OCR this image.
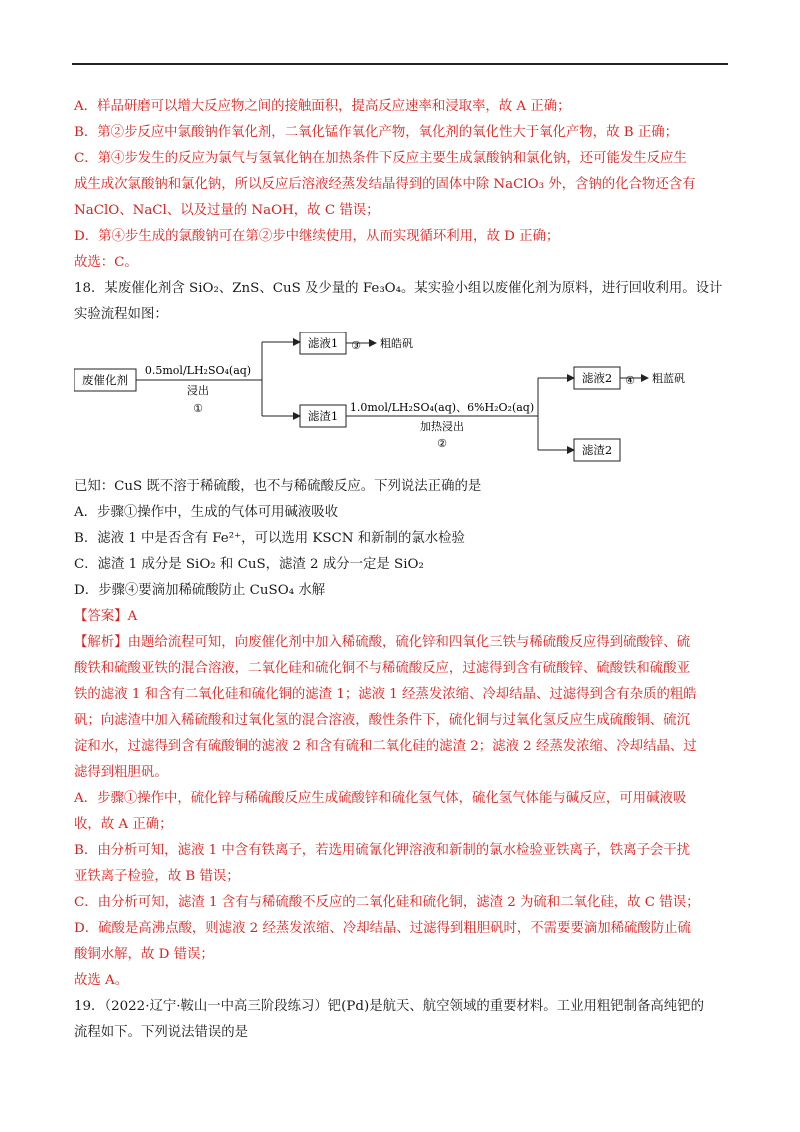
A．样品研磨可以增大反应物之间的接触面积，提高反应速率和浸取率，故 A 正确；

B．第②步反应中氯酸钠作氧化剂，二氧化锰作氧化产物，氧化剂的氧化性大于氧化产物，故 B 正确；

C．第④步发生的反应为氯气与氢氧化钠在加热条件下反应主要生成氯酸钠和氯化钠，还可能发生反应生

成生成次氯酸钠和氯化钠，所以反应后溶液经蒸发结晶得到的固体中除 NaClO₃ 外，含钠的化合物还含有

NaClO、NaCl、以及过量的 NaOH，故 C 错误；

D．第④步生成的氯酸钠可在第②步中继续使用，从而实现循环利用，故 D 正确；

故选：C。

18．某废催化剂含 SiO₂、ZnS、CuS 及少量的 Fe₃O₄。某实验小组以废催化剂为原料，进行回收利用。设计

实验流程如图：

废催化剂
0.5mol/LH₂SO₄(aq)
浸出
①
滤液1 ③ 粗皓矾
滤渣1
1.0mol/LH₂SO₄(aq)、6%H₂O₂(aq)
加热浸出
②
滤液2 ④ 粗蓝矾
滤渣2

已知：CuS 既不溶于稀硫酸，也不与稀硫酸反应。下列说法正确的是

A．步骤①操作中，生成的气体可用碱液吸收

B．滤液 1 中是否含有 Fe²⁺，可以选用 KSCN 和新制的氯水检验

C．滤渣 1 成分是 SiO₂ 和 CuS，滤渣 2 成分一定是 SiO₂

D．步骤④要滴加稀硫酸防止 CuSO₄ 水解

【答案】A

【解析】由题给流程可知，向废催化剂中加入稀硫酸，硫化锌和四氧化三铁与稀硫酸反应得到硫酸锌、硫

酸铁和硫酸亚铁的混合溶液，二氧化硅和硫化铜不与稀硫酸反应，过滤得到含有硫酸锌、硫酸铁和硫酸亚

铁的滤液 1 和含有二氧化硅和硫化铜的滤渣 1；滤液 1 经蒸发浓缩、冷却结晶、过滤得到含有杂质的粗皓

矾；向滤渣中加入稀硫酸和过氧化氢的混合溶液，酸性条件下，硫化铜与过氧化氢反应生成硫酸铜、硫沉

淀和水，过滤得到含有硫酸铜的滤液 2 和含有硫和二氧化硅的滤渣 2；滤液 2 经蒸发浓缩、冷却结晶、过

滤得到粗胆矾。

A．步骤①操作中，硫化锌与稀硫酸反应生成硫酸锌和硫化氢气体，硫化氢气体能与碱反应，可用碱液吸

收，故 A 正确；

B．由分析可知，滤液 1 中含有铁离子，若选用硫氰化钾溶液和新制的氯水检验亚铁离子，铁离子会干扰

亚铁离子检验，故 B 错误；

C．由分析可知，滤渣 1 含有与稀硫酸不反应的二氧化硅和硫化铜，滤渣 2 为硫和二氧化硅，故 C 错误；

D．硫酸是高沸点酸，则滤液 2 经蒸发浓缩、冷却结晶、过滤得到粗胆矾时，不需要要滴加稀硫酸防止硫

酸铜水解，故 D 错误；

故选 A。

19．（2022·辽宁·鞍山一中高三阶段练习）钯(Pd)是航天、航空领域的重要材料。工业用粗钯制备高纯钯的

流程如下。下列说法错误的是
